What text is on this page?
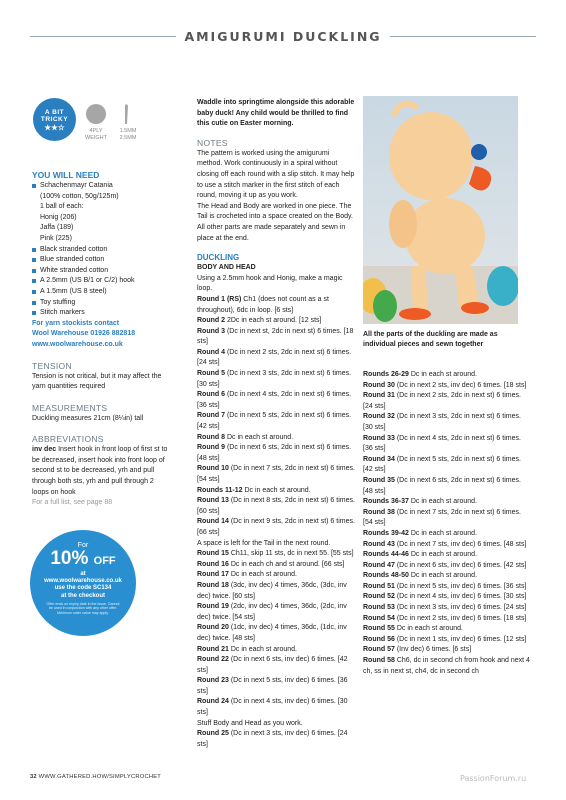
AMIGURUMI DUCKLING
A BIT TRICKY
★★☆	4PLY WEIGHT
1.5MM 2.5MM
YOU WILL NEED
Schachenmayr Catania
(100% cotton, 50g/125m)
1 ball of each:
Honig (206)
Jaffa (189)
Pink (225)
Black stranded cotton
Blue stranded cotton
White stranded cotton
A 2.5mm (US B/1 or C/2) hook
A 1.5mm (US 8 steel)
Toy stuffing
Stitch markers
For yarn stockists contact
Wool Warehouse 01926 882818
www.woolwarehouse.co.uk
TENSION
Tension is not critical, but it may affect the yarn quantities required
MEASUREMENTS
Duckling measures 21cm (8¼in) tall
ABBREVIATIONS
inv dec Insert hook in front loop of first st to be decreased, insert hook into front loop of second st to be decreased, yrh and pull through both sts, yrh and pull through 2 loops on hook
For a full list, see page 88
For
10% OFF
at
www.woolwarehouse.co.uk
use the code SC134
at the checkout
Offer ends on expiry date in the issue. Cannot be used in conjunction with any other offer. Minimum order value may apply.
Waddle into springtime alongside this adorable baby duck! Any child would be thrilled to find this cutie on Easter morning.
NOTES
The pattern is worked using the amigurumi method. Work continuously in a spiral without closing off each round with a slip stitch. It may help to use a stitch marker in the first stitch of each round, moving it up as you work.
The Head and Body are worked in one piece. The Tail is crocheted into a space created on the Body. All other parts are made separately and sewn in place at the end.
DUCKLING
BODY AND HEAD
Using a 2.5mm hook and Honig, make a magic loop.
Round 1 (RS) Ch1 (does not count as a st throughout), 6dc in loop. [6 sts]
Round 2 2Dc in each st around. [12 sts]
Round 3 (Dc in next st, 2dc in next st) 6 times. [18 sts]
Round 4 (Dc in next 2 sts, 2dc in next st) 6 times. [24 sts]
Round 5 (Dc in next 3 sts, 2dc in next st) 6 times. [30 sts]
Round 6 (Dc in next 4 sts, 2dc in next st) 6 times. [36 sts]
Round 7 (Dc in next 5 sts, 2dc in next st) 6 times. [42 sts]
Round 8 Dc in each st around.
Round 9 (Dc in next 6 sts, 2dc in next st) 6 times. [48 sts]
Round 10 (Dc in next 7 sts, 2dc in next st) 6 times. [54 sts]
Rounds 11-12 Dc in each st around.
Round 13 (Dc in next 8 sts, 2dc in next st) 6 times. [60 sts]
Round 14 (Dc in next 9 sts, 2dc in next st) 6 times. [66 sts]
A space is left for the Tail in the next round.
Round 15 Ch11, skip 11 sts, dc in next 55. [55 sts]
Round 16 Dc in each ch and st around. [66 sts]
Round 17 Dc in each st around.
Round 18 (3dc, inv dec) 4 times, 36dc, (3dc, inv dec) twice. [60 sts]
Round 19 (2dc, inv dec) 4 times, 36dc, (2dc, inv dec) twice. [54 sts]
Round 20 (1dc, inv dec) 4 times, 36dc, (1dc, inv dec) twice. [48 sts]
Round 21 Dc in each st around.
Round 22 (Dc in next 6 sts, inv dec) 6 times. [42 sts]
Round 23 (Dc in next 5 sts, inv dec) 6 times. [36 sts]
Round 24 (Dc in next 4 sts, inv dec) 6 times. [30 sts]
Stuff Body and Head as you work.
Round 25 (Dc in next 3 sts, inv dec) 6 times. [24 sts]
All the parts of the duckling are made as individual pieces and sewn together
Rounds 26-29 Dc in each st around.
Round 30 (Dc in next 2 sts, inv dec) 6 times. [18 sts]
Round 31 (Dc in next 2 sts, 2dc in next st) 6 times. [24 sts]
Round 32 (Dc in next 3 sts, 2dc in next st) 6 times. [30 sts]
Round 33 (Dc in next 4 sts, 2dc in next st) 6 times. [36 sts]
Round 34 (Dc in next 5 sts, 2dc in next st) 6 times. [42 sts]
Round 35 (Dc in next 6 sts, 2dc in next st) 6 times. [48 sts]
Rounds 36-37 Dc in each st around.
Round 38 (Dc in next 7 sts, 2dc in next st) 6 times. [54 sts]
Rounds 39-42 Dc in each st around.
Round 43 (Dc in next 7 sts, inv dec) 6 times. [48 sts]
Rounds 44-46 Dc in each st around.
Round 47 (Dc in next 6 sts, inv dec) 6 times. [42 sts]
Rounds 48-50 Dc in each st around.
Round 51 (Dc in next 5 sts, inv dec) 6 times. [36 sts]
Round 52 (Dc in next 4 sts, inv dec) 6 times. [30 sts]
Round 53 (Dc in next 3 sts, inv dec) 6 times. [24 sts]
Round 54 (Dc in next 2 sts, inv dec) 6 times. [18 sts]
Round 55 Dc in each st around.
Round 56 (Dc in next 1 sts, inv dec) 6 times. [12 sts]
Round 57 (Inv dec) 6 times. [6 sts]
Round 58 Ch6, dc in second ch from hook and next 4 ch, ss in next st, ch4, dc in second ch
32 WWW.GATHERED.HOW/SIMPLYCROCHET	PassionForum.ru
